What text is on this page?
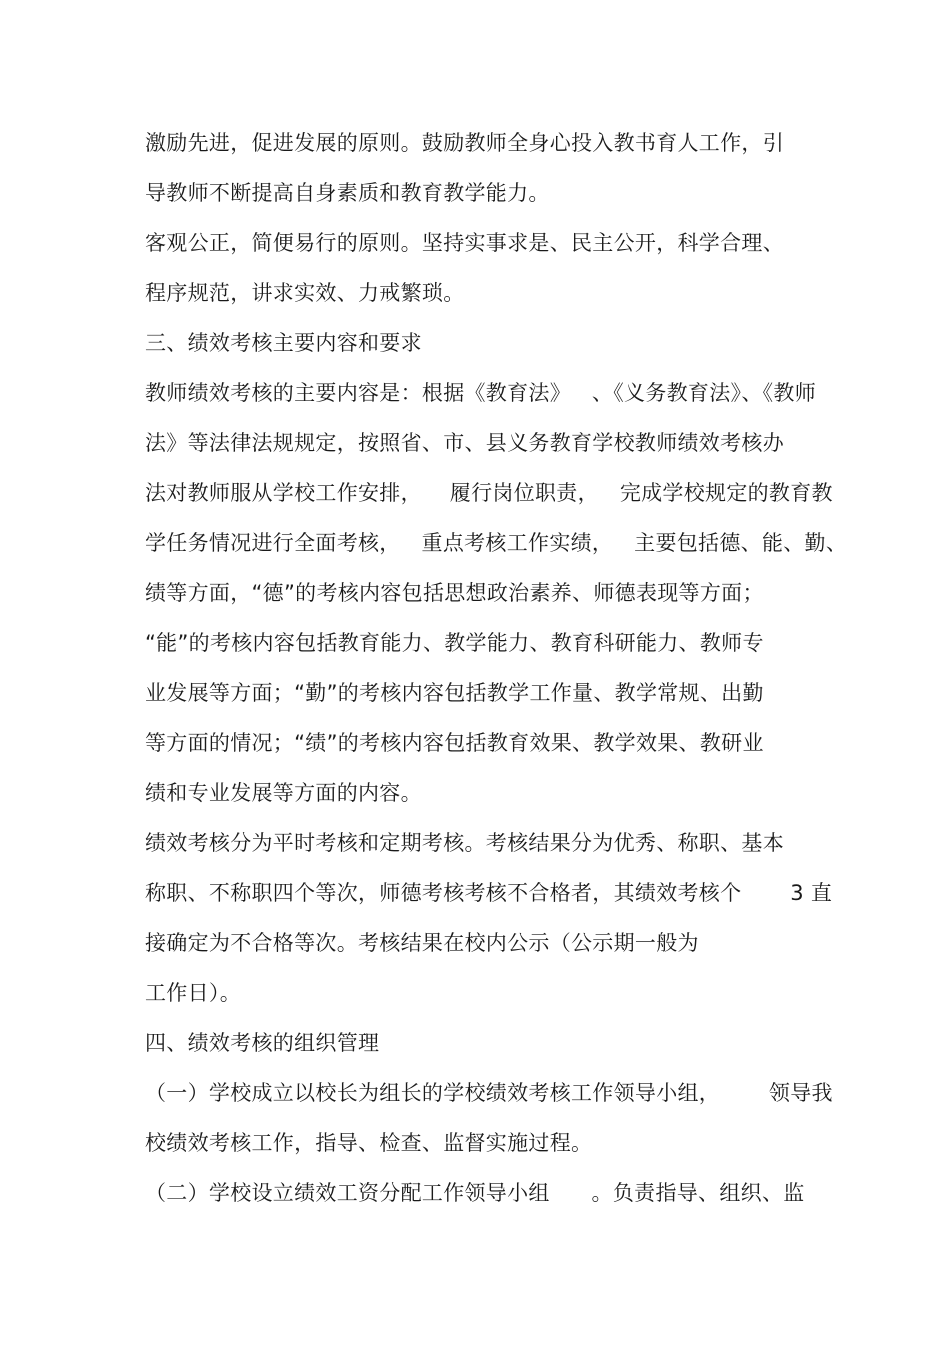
激励先进，促进发展的原则。鼓励教师全身心投入教书育人工作，引
导教师不断提高自身素质和教育教学能力。
客观公正，简便易行的原则。坚持实事求是、民主公开，科学合理、
程序规范，讲求实效、力戒繁琐。
三、绩效考核主要内容和要求
教师绩效考核的主要内容是：根据《教育法》   、《义务教育法》、《教师
法》等法律法规规定，按照省、市、县义务教育学校教师绩效考核办
法对教师服从学校工作安排，    履行岗位职责，   完成学校规定的教育教
学任务情况进行全面考核，   重点考核工作实绩，   主要包括德、能、勤、
绩等方面，“德”的考核内容包括思想政治素养、师德表现等方面；
“能”的考核内容包括教育能力、教学能力、教育科研能力、教师专
业发展等方面；“勤”的考核内容包括教学工作量、教学常规、出勤
等方面的情况；“绩”的考核内容包括教育效果、教学效果、教研业
绩和专业发展等方面的内容。
绩效考核分为平时考核和定期考核。考核结果分为优秀、称职、基本
称职、不称职四个等次，师德考核考核不合格者，其绩效考核个       3 直
接确定为不合格等次。考核结果在校内公示（公示期一般为
工作日）。
四、绩效考核的组织管理
（一）学校成立以校长为组长的学校绩效考核工作领导小组，       领导我
校绩效考核工作，指导、检查、监督实施过程。
（二）学校设立绩效工资分配工作领导小组      。负责指导、组织、监
